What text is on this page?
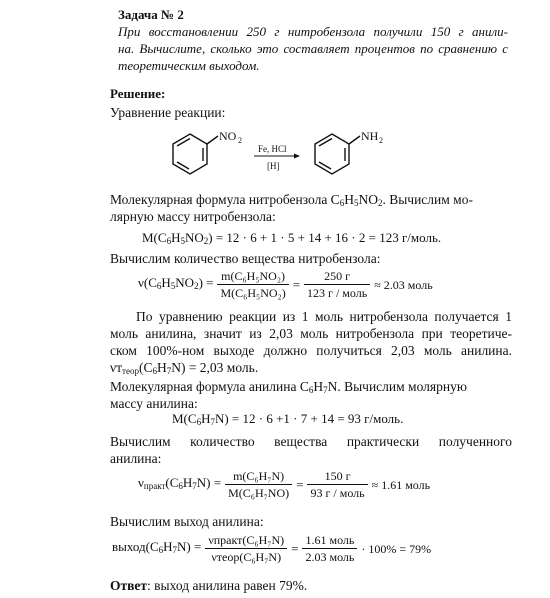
Задача № 2
При восстановлении 250 г нитробензола получили 150 г анили-
на. Вычислите, сколько это составляет процентов по сравнению с
теоретическим выходом.
Решение:
Уравнение реакции:
NO 2
Fe, HCl
[H]
NH 2
Молекулярная формула нитробензола $C_6H_5NO_2$. Вычислим мо-
лярную массу нитробензола:
$M(C_6H_5NO_2) = 12 \cdot 6 + 1 \cdot 5 + 14 + 16 \cdot 2 = 123$ г/моль.
Вычислим количество вещества нитробензола:
$\nu(C_6H_5NO_2) = \frac{\text{m(C₆H₅NO₂)}}{\text{M(C₆H₅NO₂)}} = \frac{250 г}{\text{123 г / моль}} \approx 2.03$ моль
По уравнению реакции из 1 моль нитробензола получается 1
моль анилина, значит из 2,03 моль нитробензола при теоретиче-
ском 100%-ном выходе должно получиться 2,03 моль анилина.
$\nu т_{теор}(C_6H_7N) = 2,03$ моль.
Молекулярная формула анилина $C_6H_7N$. Вычислим молярную
массу анилина:
$M(C_6H_7N) = 12 \cdot 6 +1 \cdot 7 + 14 = 93$ г/моль.
Вычислим количество вещества практически полученного
анилина:
$\nu_{практ}(C_6H_7N) = \frac{\text{m(C₆H₇N)}}{\text{M(C₆H₇NO)}} = \frac{150 г}{\text{93 г / моль}} \approx 1.61$ моль
Вычислим выход анилина:
$выход(C_6H_7N) = \frac{\text{νпракт(C₆H₇N)}}{\text{νтеор(C₆H₇N)}} = \frac{\text{1.61 моль}}{\text{2.03 моль}} \cdot 100\% = 79\%$
Ответ: выход анилина равен 79%.
